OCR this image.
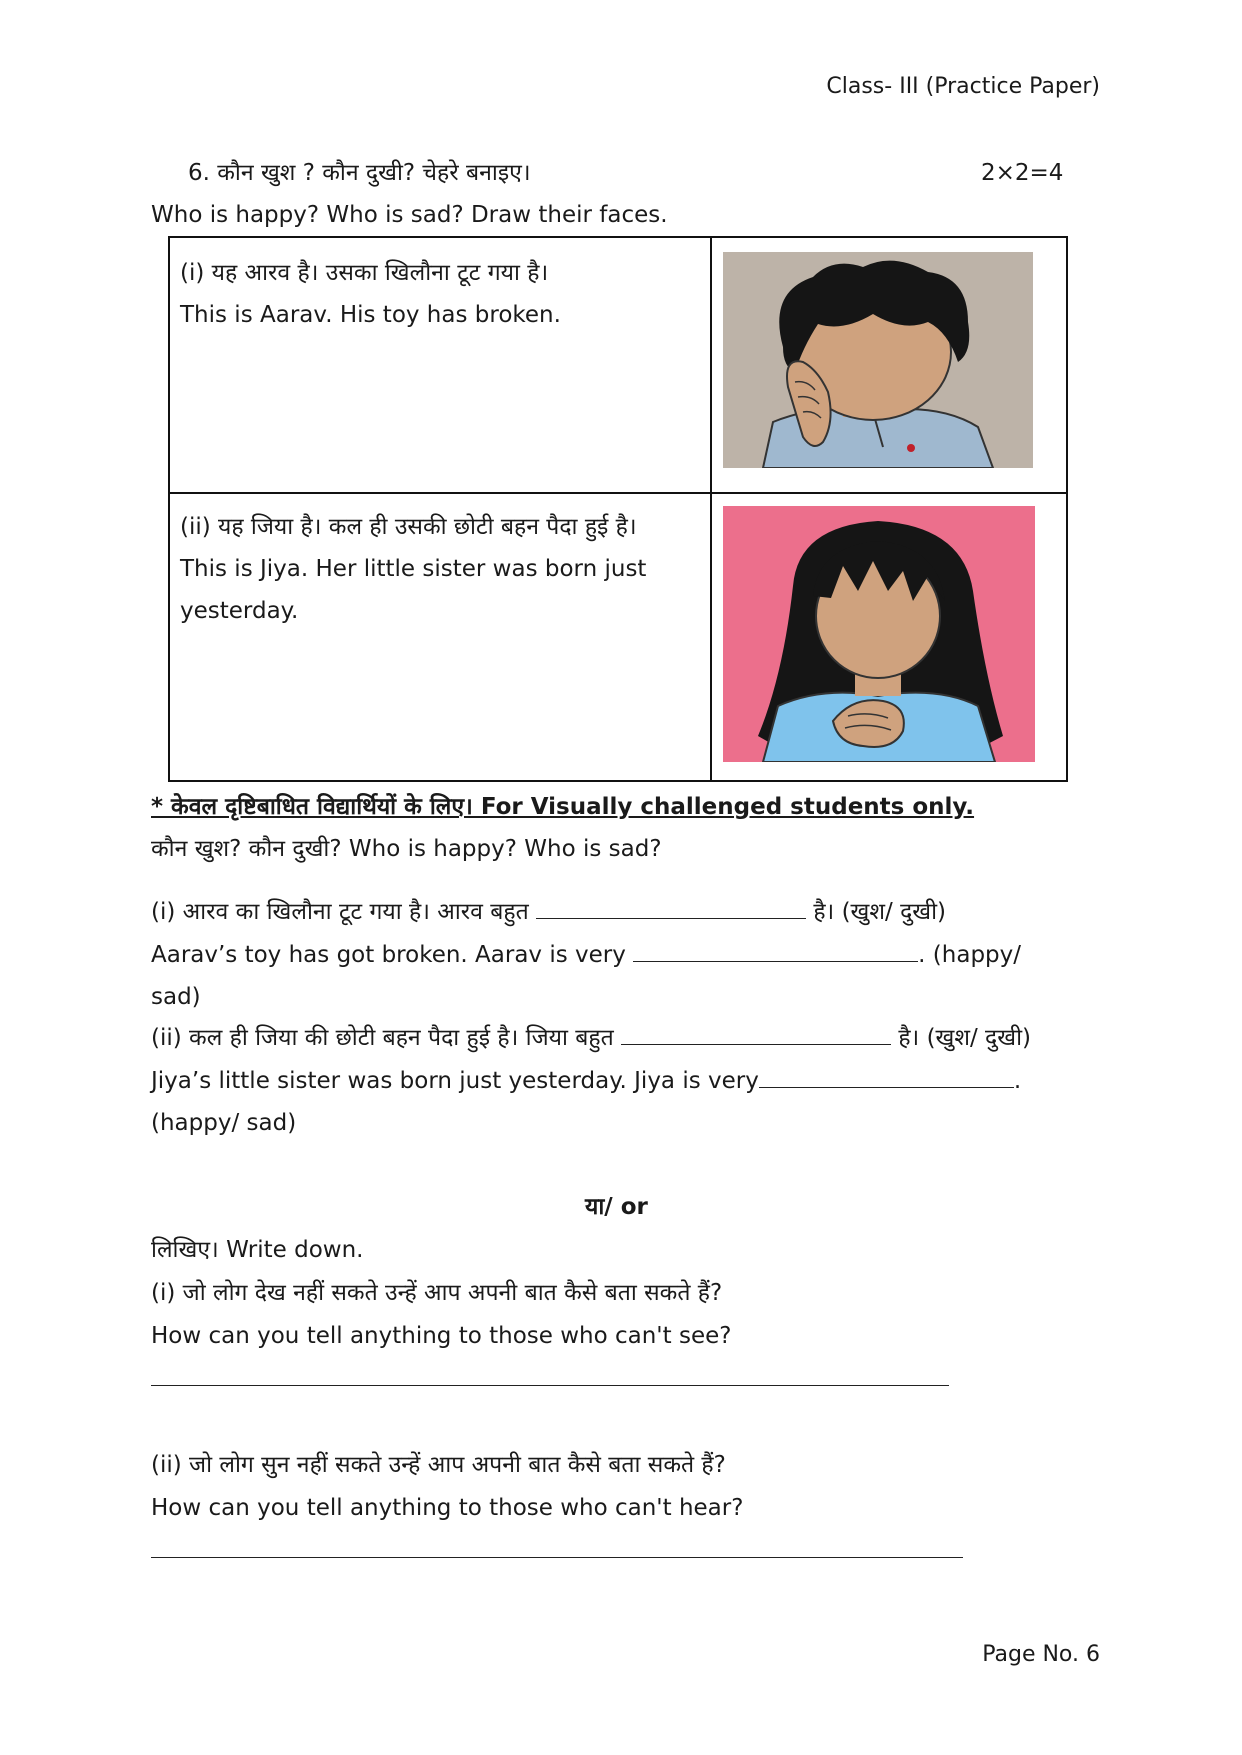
Class- III (Practice Paper)
6. कौन खुश ? कौन दुखी? चेहरे बनाइए।	2×2=4
Who is happy? Who is sad? Draw their faces.
(i) यह आरव है। उसका खिलौना टूट गया है।
This is Aarav. His toy has broken.
(ii) यह जिया है। कल ही उसकी छोटी बहन पैदा हुई है।
This is Jiya. Her little sister was born just yesterday.
* केवल दृष्टिबाधित विद्यार्थियों के लिए। For Visually challenged students only.
कौन खुश? कौन दुखी? Who is happy? Who is sad?
(i) आरव का खिलौना टूट गया है। आरव बहुत	है। (खुश/ दुखी)
Aarav’s toy has got broken. Aarav is very	. (happy/ sad)
(ii) कल ही जिया की छोटी बहन पैदा हुई है। जिया बहुत	है। (खुश/ दुखी)
Jiya’s little sister was born just yesterday. Jiya is very	. (happy/ sad)
या/ or
लिखिए। Write down.
(i) जो लोग देख नहीं सकते उन्हें आप अपनी बात कैसे बता सकते हैं?
How can you tell anything to those who can't see?
(ii) जो लोग सुन नहीं सकते उन्हें आप अपनी बात कैसे बता सकते हैं?
How can you tell anything to those who can't hear?
Page No. 6
